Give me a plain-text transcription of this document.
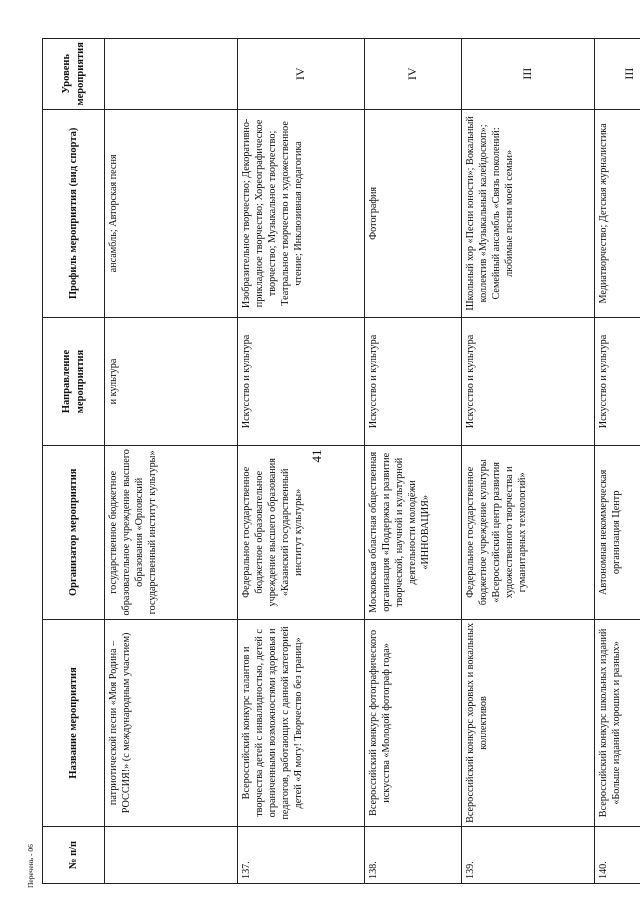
41
Перечень - 06	№ п/п	Название мероприятия	Организатор мероприятия	Направление мероприятия	Профиль мероприятия (вид спорта)	Уровень мероприятия
	патриотической песни «Моя Родина – РОССИЯ!» (с международным участием)	государственное бюджетное образовательное учреждение высшего образования «Орловский государственный институт культуры»	и культура	ансамбль; Авторская песня	
137.	Всероссийский конкурс талантов и творчества детей с инвалидностью, детей с ограниченными возможностями здоровья и педагогов, работающих с данной категорией детей «Я могу! Творчество без границ»	Федеральное государственное бюджетное образовательное учреждение высшего образования «Казанский государственный институт культуры»	Искусство и культура	Изобразительное творчество; Декоративно-прикладное творчество; Хореографическое творчество; Музыкальное творчество; Театральное творчество и художественное чтение; Инклюзивная педагогика	IV
138.	Всероссийский конкурс фотографического искусства «Молодой фотограф года»	Московская областная общественная организация «Поддержка и развитие творческой, научной и культурной деятельности молодёжи «ИННОВАЦИЯ»	Искусство и культура	Фотография	IV
139.	Всероссийский конкурс хоровых и вокальных коллективов	Федеральное государственное бюджетное учреждение культуры «Всероссийский центр развития художественного творчества и гуманитарных технологий»	Искусство и культура	Школьный хор «Песни юности»; Вокальный коллектив «Музыкальный калейдоскоп»; Семейный ансамбль «Связь поколений: любимые песни моей семьи»	III
140.	Всероссийский конкурс школьных изданий «Больше изданий хороших и разных»	Автономная некоммерческая организация Центр	Искусство и культура	Медиатворчество; Детская журналистика	III
